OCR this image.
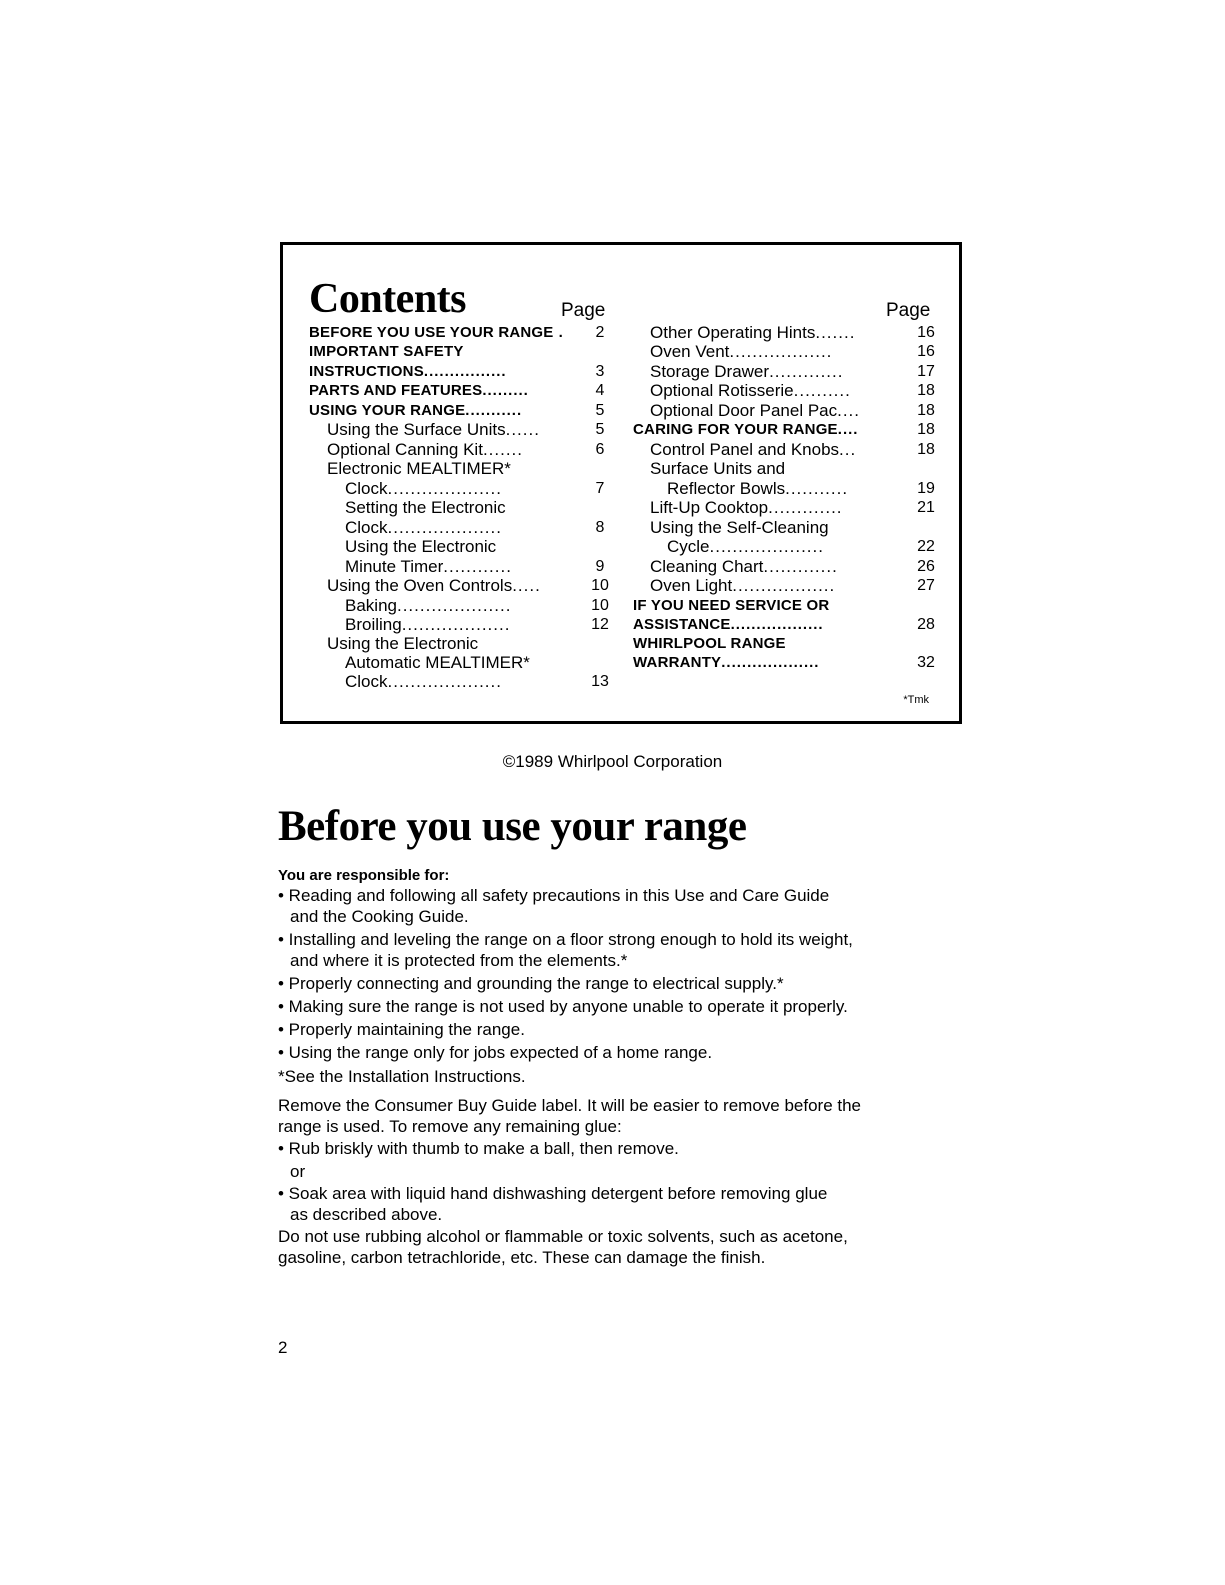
Contents	Page	Page
BEFORE YOU USE YOUR RANGE .	2
IMPORTANT SAFETY
INSTRUCTIONS................	3
PARTS AND FEATURES.........	4
USING YOUR RANGE...........	5
Using the Surface Units......	5
Optional Canning Kit.......	6
Electronic MEALTIMER*
Clock....................	7
Setting the Electronic
Clock....................	8
Using the Electronic
Minute Timer............	9
Using the Oven Controls.....	10
Baking....................	10
Broiling...................	12
Using the Electronic
Automatic MEALTIMER*
Clock....................	13
Other Operating Hints.......	16
Oven Vent..................	16
Storage Drawer.............	17
Optional Rotisserie..........	18
Optional Door Panel Pac....	18
CARING FOR YOUR RANGE....	18
Control Panel and Knobs...	18
Surface Units and
Reflector Bowls...........	19
Lift-Up Cooktop.............	21
Using the Self-Cleaning
Cycle....................	22
Cleaning Chart.............	26
Oven Light..................	27
IF YOU NEED SERVICE OR
ASSISTANCE..................	28
WHIRLPOOL RANGE
WARRANTY...................	32
*Tmk
©1989 Whirlpool Corporation
Before you use your range
You are responsible for:
• Reading and following all safety precautions in this Use and Care Guide
and the Cooking Guide.
• Installing and leveling the range on a floor strong enough to hold its weight,
and where it is protected from the elements.*
• Properly connecting and grounding the range to electrical supply.*
• Making sure the range is not used by anyone unable to operate it properly.
• Properly maintaining the range.
• Using the range only for jobs expected of a home range.
*See the Installation Instructions.
Remove the Consumer Buy Guide label. It will be easier to remove before the
range is used. To remove any remaining glue:
• Rub briskly with thumb to make a ball, then remove.
or
• Soak area with liquid hand dishwashing detergent before removing glue
as described above.
Do not use rubbing alcohol or flammable or toxic solvents, such as acetone,
gasoline, carbon tetrachloride, etc. These can damage the finish.
2
